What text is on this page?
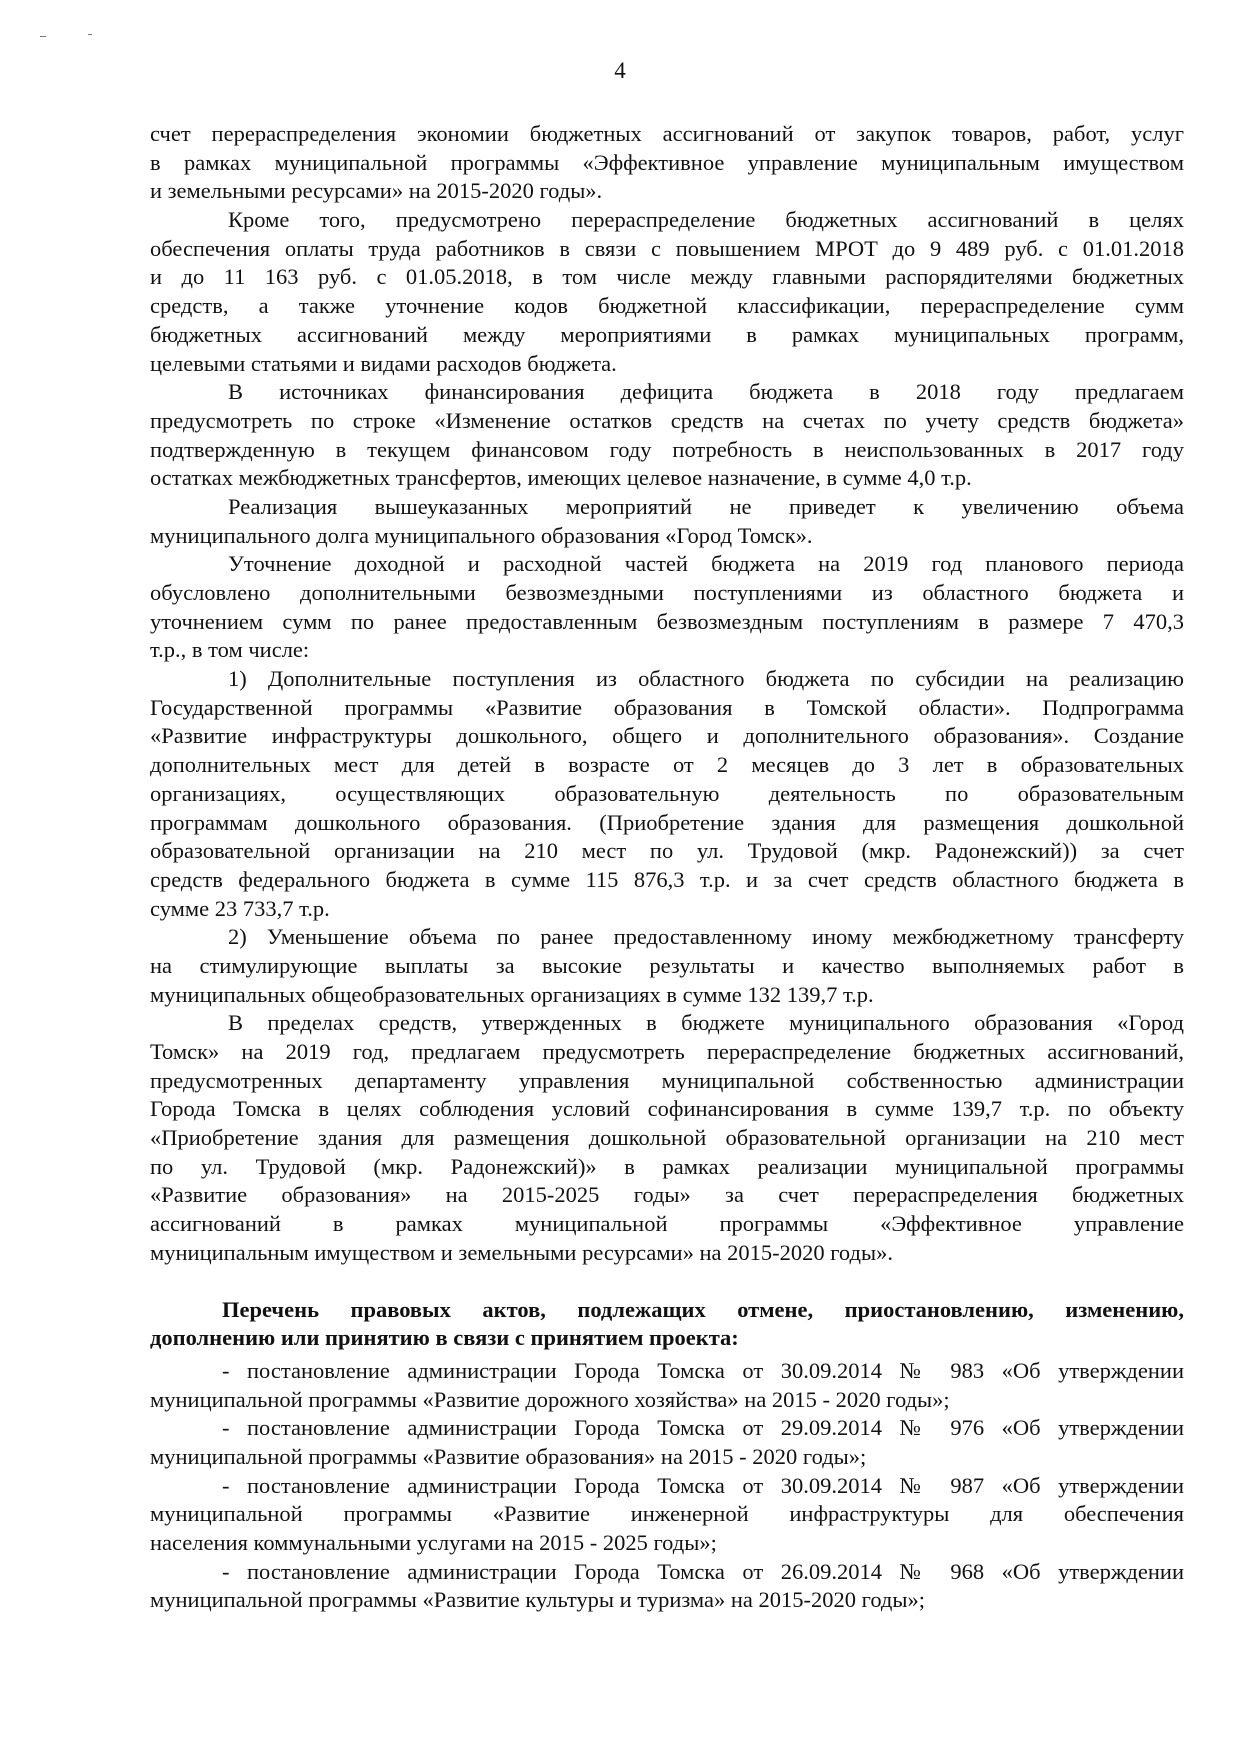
4
счет перераспределения экономии бюджетных ассигнований от закупок товаров, работ, услуг
в рамках муниципальной программы «Эффективное управление муниципальным имуществом
и земельными ресурсами» на 2015-2020 годы».
Кроме того, предусмотрено перераспределение бюджетных ассигнований в целях
обеспечения оплаты труда работников в связи с повышением МРОТ до 9 489 руб. с 01.01.2018
и до 11 163 руб. с 01.05.2018, в том числе между главными распорядителями бюджетных
средств, а также уточнение кодов бюджетной классификации, перераспределение сумм
бюджетных ассигнований между мероприятиями в рамках муниципальных программ,
целевыми статьями и видами расходов бюджета.
В источниках финансирования дефицита бюджета в 2018 году предлагаем
предусмотреть по строке «Изменение остатков средств на счетах по учету средств бюджета»
подтвержденную в текущем финансовом году потребность в неиспользованных в 2017 году
остатках межбюджетных трансфертов, имеющих целевое назначение, в сумме 4,0 т.р.
Реализация вышеуказанных мероприятий не приведет к увеличению объема
муниципального долга муниципального образования «Город Томск».
Уточнение доходной и расходной частей бюджета на 2019 год планового периода
обусловлено дополнительными безвозмездными поступлениями из областного бюджета и
уточнением сумм по ранее предоставленным безвозмездным поступлениям в размере 7 470,3
т.р., в том числе:
1) Дополнительные поступления из областного бюджета по субсидии на реализацию
Государственной программы «Развитие образования в Томской области». Подпрограмма
«Развитие инфраструктуры дошкольного, общего и дополнительного образования». Создание
дополнительных мест для детей в возрасте от 2 месяцев до 3 лет в образовательных
организациях, осуществляющих образовательную деятельность по образовательным
программам дошкольного образования. (Приобретение здания для размещения дошкольной
образовательной организации на 210 мест по ул. Трудовой (мкр. Радонежский)) за счет
средств федерального бюджета в сумме 115 876,3 т.р. и за счет средств областного бюджета в
сумме 23 733,7 т.р.
2) Уменьшение объема по ранее предоставленному иному межбюджетному трансферту
на стимулирующие выплаты за высокие результаты и качество выполняемых работ в
муниципальных общеобразовательных организациях в сумме 132 139,7 т.р.
В пределах средств, утвержденных в бюджете муниципального образования «Город
Томск» на 2019 год, предлагаем предусмотреть перераспределение бюджетных ассигнований,
предусмотренных департаменту управления муниципальной собственностью администрации
Города Томска в целях соблюдения условий софинансирования в сумме 139,7 т.р. по объекту
«Приобретение здания для размещения дошкольной образовательной организации на 210 мест
по ул. Трудовой (мкр. Радонежский)» в рамках реализации муниципальной программы
«Развитие образования» на 2015-2025 годы» за счет перераспределения бюджетных
ассигнований в рамках муниципальной программы «Эффективное управление
муниципальным имуществом и земельными ресурсами» на 2015-2020 годы».
Перечень правовых актов, подлежащих отмене, приостановлению, изменению,
дополнению или принятию в связи с принятием проекта:
- постановление администрации Города Томска от 30.09.2014 № 983 «Об утверждении
муниципальной программы «Развитие дорожного хозяйства» на 2015 - 2020 годы»;
- постановление администрации Города Томска от 29.09.2014 № 976 «Об утверждении
муниципальной программы «Развитие образования» на 2015 - 2020 годы»;
- постановление администрации Города Томска от 30.09.2014 № 987 «Об утверждении
муниципальной программы «Развитие инженерной инфраструктуры для обеспечения
населения коммунальными услугами на 2015 - 2025 годы»;
- постановление администрации Города Томска от 26.09.2014 № 968 «Об утверждении
муниципальной программы «Развитие культуры и туризма» на 2015-2020 годы»;
